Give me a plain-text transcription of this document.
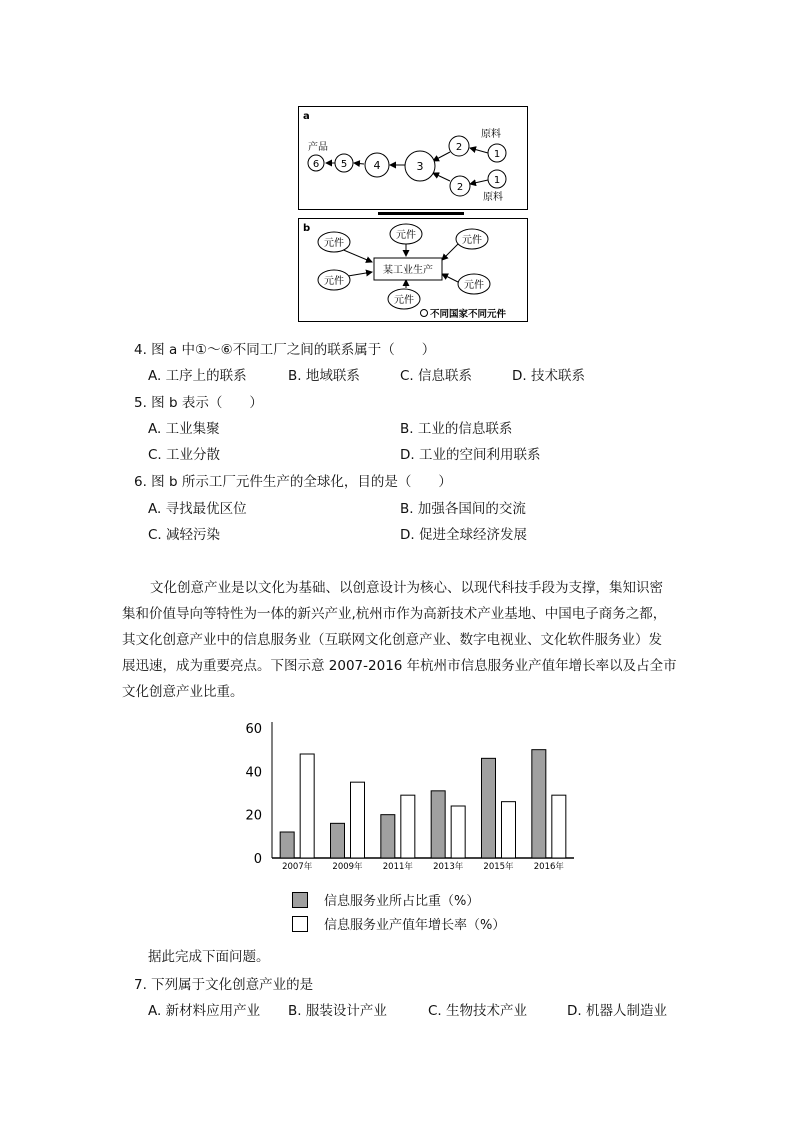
a
产品
原料
原料
6 5 4	3
2
1
2
1
b
某工业生产
元件
元件	元件
元件	元件
元件
不同国家不同元件
4. 图 a 中①～⑥不同工厂之间的联系属于（　　）
A. 工序上的联系	B. 地域联系	C. 信息联系	D. 技术联系
5. 图 b 表示（　　）
A. 工业集聚	B. 工业的信息联系
C. 工业分散	D. 工业的空间利用联系
6. 图 b 所示工厂元件生产的全球化，目的是（　　）
A. 寻找最优区位	B. 加强各国间的交流
C. 减轻污染	D. 促进全球经济发展
文化创意产业是以文化为基础、以创意设计为核心、以现代科技手段为支撑，集知识密
集和价值导向等特性为一体的新兴产业,杭州市作为高新技术产业基地、中国电子商务之都，
其文化创意产业中的信息服务业（互联网文化创意产业、数字电视业、文化软件服务业）发
展迅速，成为重要亮点。下图示意 2007-2016 年杭州市信息服务业产值年增长率以及占全市
文化创意产业比重。
0
20
40
60
2007年 2009年 2011年 2013年 2015年 2016年
信息服务业所占比重（%）
信息服务业产值年增长率（%）
据此完成下面问题。
7. 下列属于文化创意产业的是
A. 新材料应用产业 B. 服装设计产业	C. 生物技术产业	D. 机器人制造业
